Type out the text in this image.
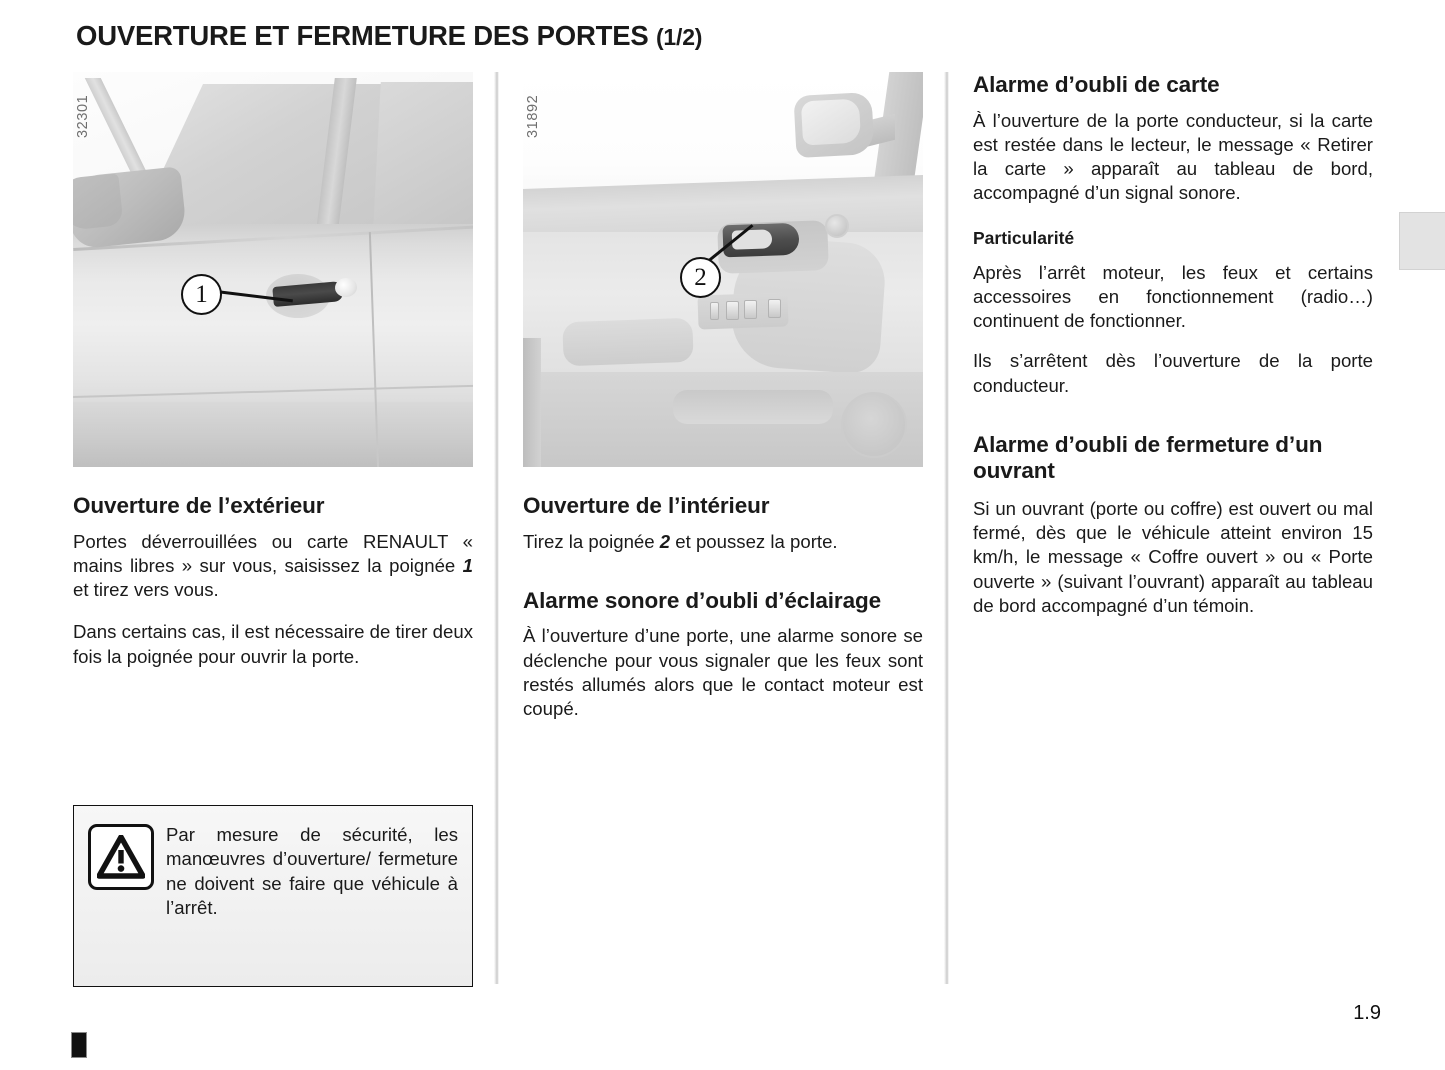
OUVERTURE ET FERMETURE DES PORTES (1/2)
1
32301
Ouverture de l’extérieur

Portes déverrouillées ou carte RENAULT « mains libres » sur vous, saisissez la poignée 1 et tirez vers vous.

Dans certains cas, il est nécessaire de tirer deux fois la poignée pour ouvrir la porte.

2
31892
Ouverture de l’intérieur

Tirez la poignée 2 et poussez la porte.

Alarme sonore d’oubli d’éclairage

À l’ouverture d’une porte, une alarme sonore se déclenche pour vous signaler que les feux sont restés allumés alors que le contact moteur est coupé.

Alarme d’oubli de carte

À l’ouverture de la porte conducteur, si la carte est restée dans le lecteur, le message « Retirer la carte » apparaît au tableau de bord, accompagné d’un signal sonore.

Particularité

Après l’arrêt moteur, les feux et certains accessoires en fonctionnement (radio…) continuent de fonctionner.

Ils s’arrêtent dès l’ouverture de la porte conducteur.

Alarme d’oubli de fermeture d’un ouvrant

Si un ouvrant (porte ou coffre) est ouvert ou mal fermé, dès que le véhicule atteint environ 15 km/h, le message « Coffre ouvert » ou « Porte ouverte » (suivant l’ouvrant) apparaît au tableau de bord accompagné d’un témoin.

Par mesure de sécurité, les manœuvres d’ouverture/ fermeture ne doivent se faire que véhicule à l’arrêt.
1.9
